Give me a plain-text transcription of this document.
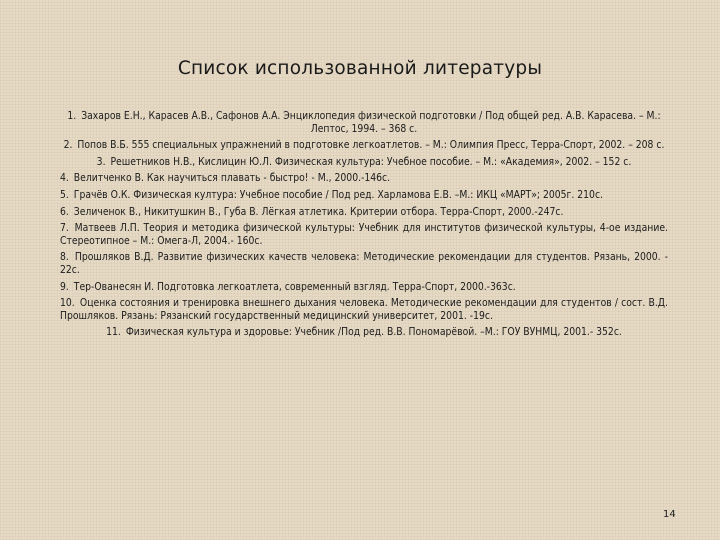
Список использованной литературы

1. Захаров Е.Н., Карасев А.В., Сафонов А.А. Энциклопедия физической подготовки / Под общей ред. А.В. Карасева. – М.: Лептос, 1994. – 368 с.

2. Попов В.Б. 555 специальных упражнений в подготовке легкоатлетов. – М.: Олимпия Пресс, Терра-Спорт, 2002. – 208 с.

3. Решетников Н.В., Кислицин Ю.Л. Физическая культура: Учебное пособие. – М.: «Академия», 2002. – 152 с.

4. Велитченко В. Как научиться плавать - быстро! - М., 2000.-146с.

5. Грачёв О.К. Физическая култура: Учебное пособие / Под ред. Харламова Е.В. –М.: ИКЦ «МАРТ»; 2005г. 210с.

6. Зеличенок В., Никитушкин В., Губа В. Лёгкая атлетика. Критерии отбора. Терра-Спорт, 2000.-247с.

7. Матвеев Л.П. Теория и методика физической культуры: Учебник для институтов физической культуры, 4-ое издание. Стереотипное – М.: Омега-Л, 2004.- 160с.

8. Прошляков В.Д. Развитие физических качеств человека: Методические рекомендации для студентов. Рязань, 2000. - 22с.

9. Тер-Ованесян И. Подготовка легкоатлета, современный взгляд. Терра-Спорт, 2000.-363с.

10. Оценка состояния и тренировка внешнего дыхания человека. Методические рекомендации для студентов / сост. В.Д. Прошляков. Рязань: Рязанский государственный медицинский университет, 2001. -19с.

11. Физическая культура и здоровье: Учебник /Под ред. В.В. Пономарёвой. –М.: ГОУ ВУНМЦ, 2001.- 352с.

14
